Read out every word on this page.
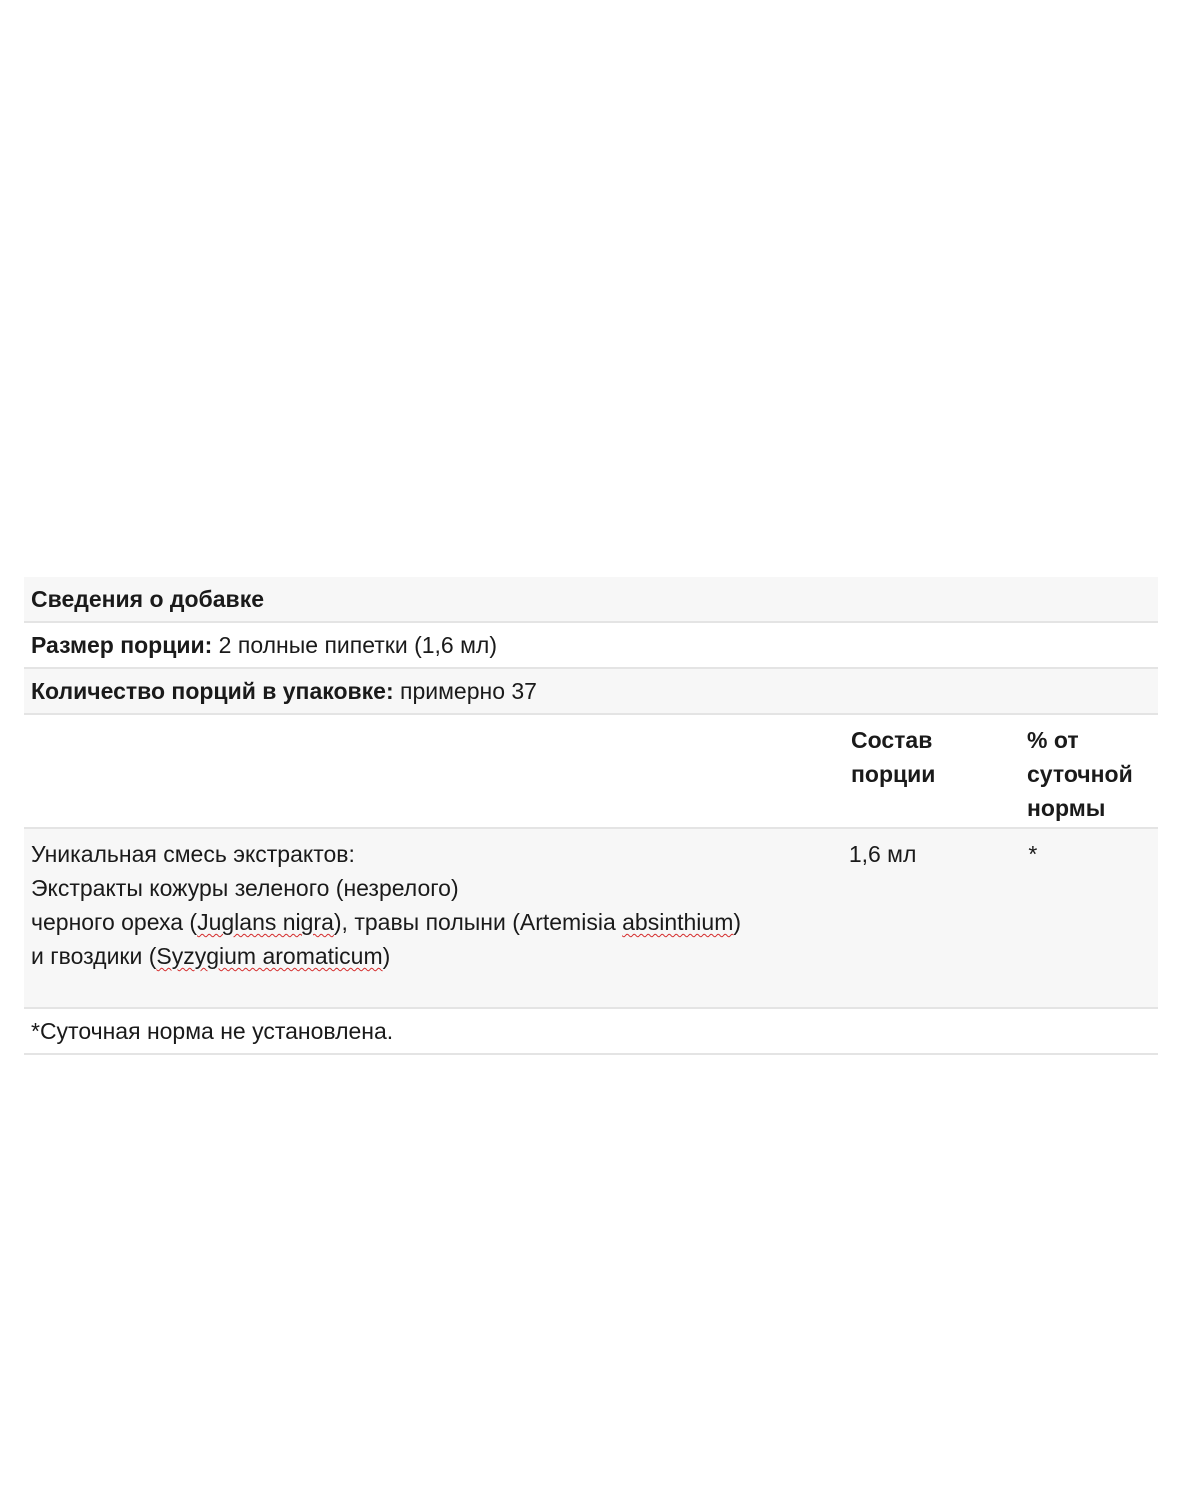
Сведения о добавке
Размер порции: 2 полные пипетки (1,6 мл)
Количество порций в упаковке: примерно 37
Состав
порции
% от
суточной
нормы
Уникальная смесь экстрактов:
Экстракты кожуры зеленого (незрелого)
черного ореха (Juglans nigra), травы полыни (Artemisia absinthium)
и гвоздики (Syzygium aromaticum)
1,6 мл	*
*Суточная норма не установлена.
